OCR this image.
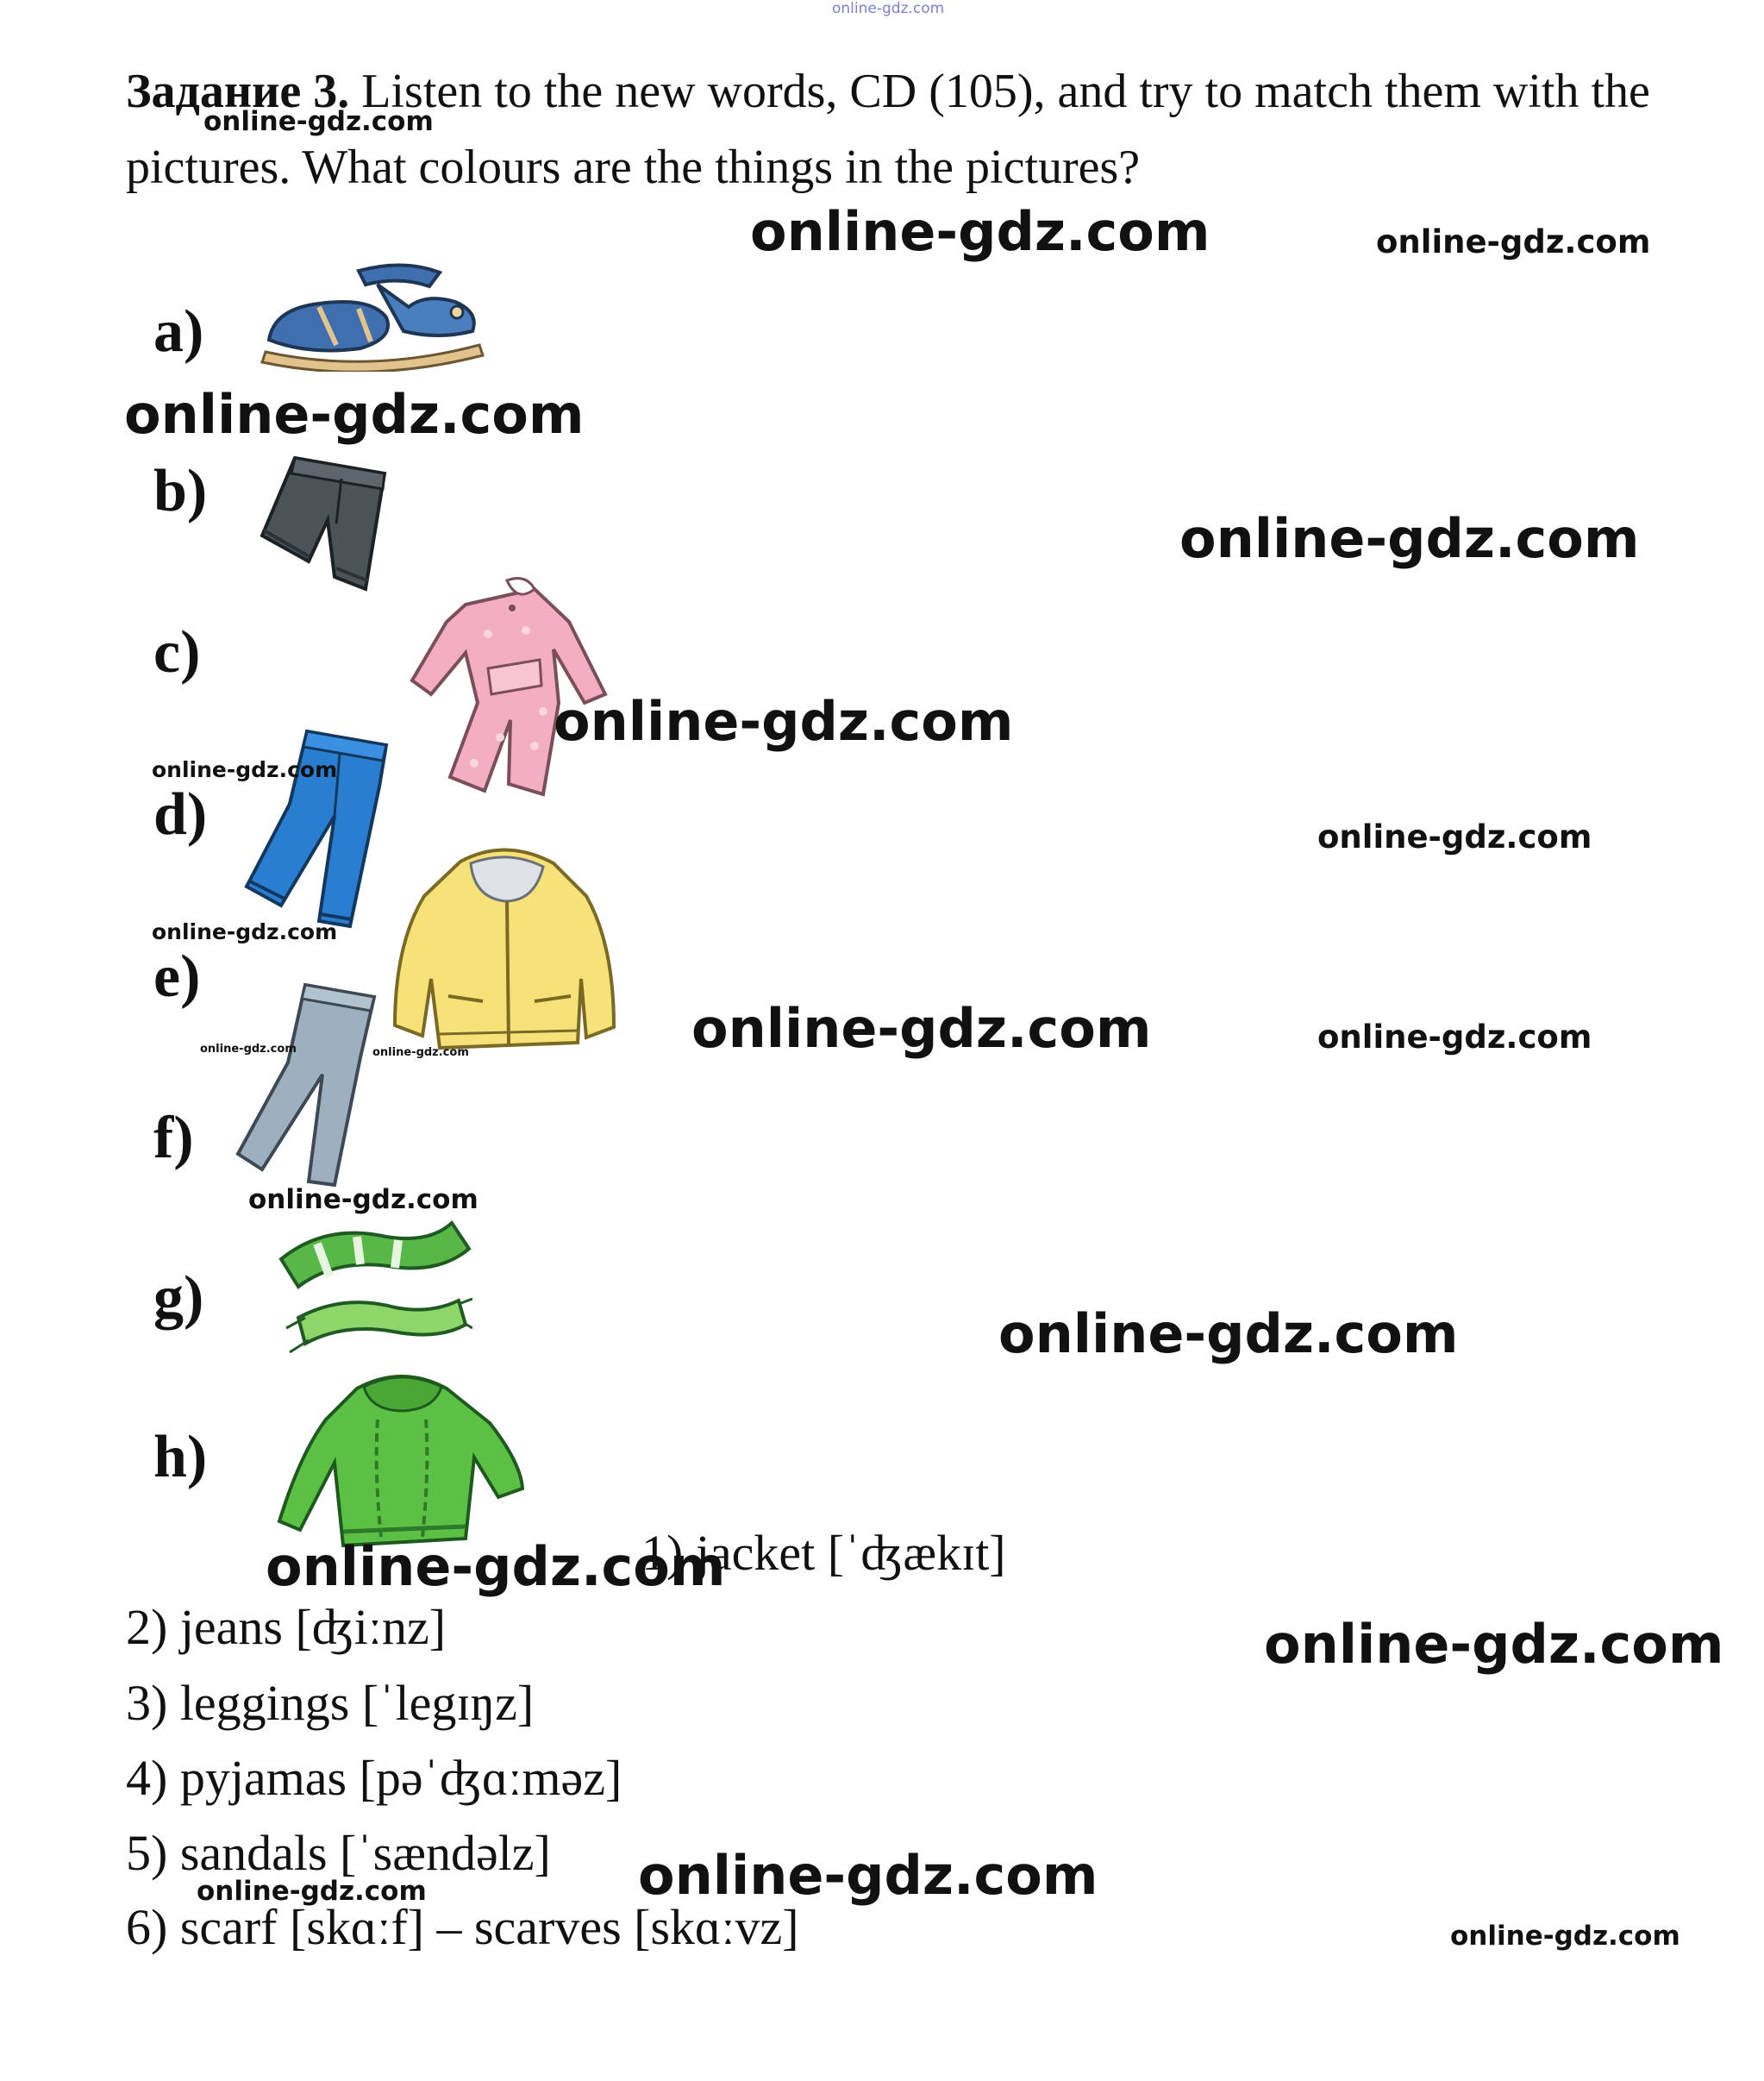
online-gdz.com
Задание 3. Listen to the new words, CD (105), and try to match them with the pictures. What colours are the things in the pictures?
a)
b)
c)
d)
e)
f)
g)
h)
1) jacket [ˈʤækɪt]
2) jeans [ʤiːnz]
3) leggings [ˈlegɪŋz]
4) pyjamas [pəˈʤɑːməz]
5) sandals [ˈsændəlz]
6) scarf [skɑːf] – scarves [skɑːvz]
online-gdz.com
online-gdz.com	online-gdz.com
online-gdz.com
online-gdz.com
online-gdz.com
online-gdz.com
online-gdz.com
online-gdz.com
online-gdz.com	online-gdz.com
online-gdz.com	online-gdz.com
online-gdz.com
online-gdz.com
online-gdz.com
online-gdz.com
online-gdz.com
online-gdz.com
online-gdz.com
